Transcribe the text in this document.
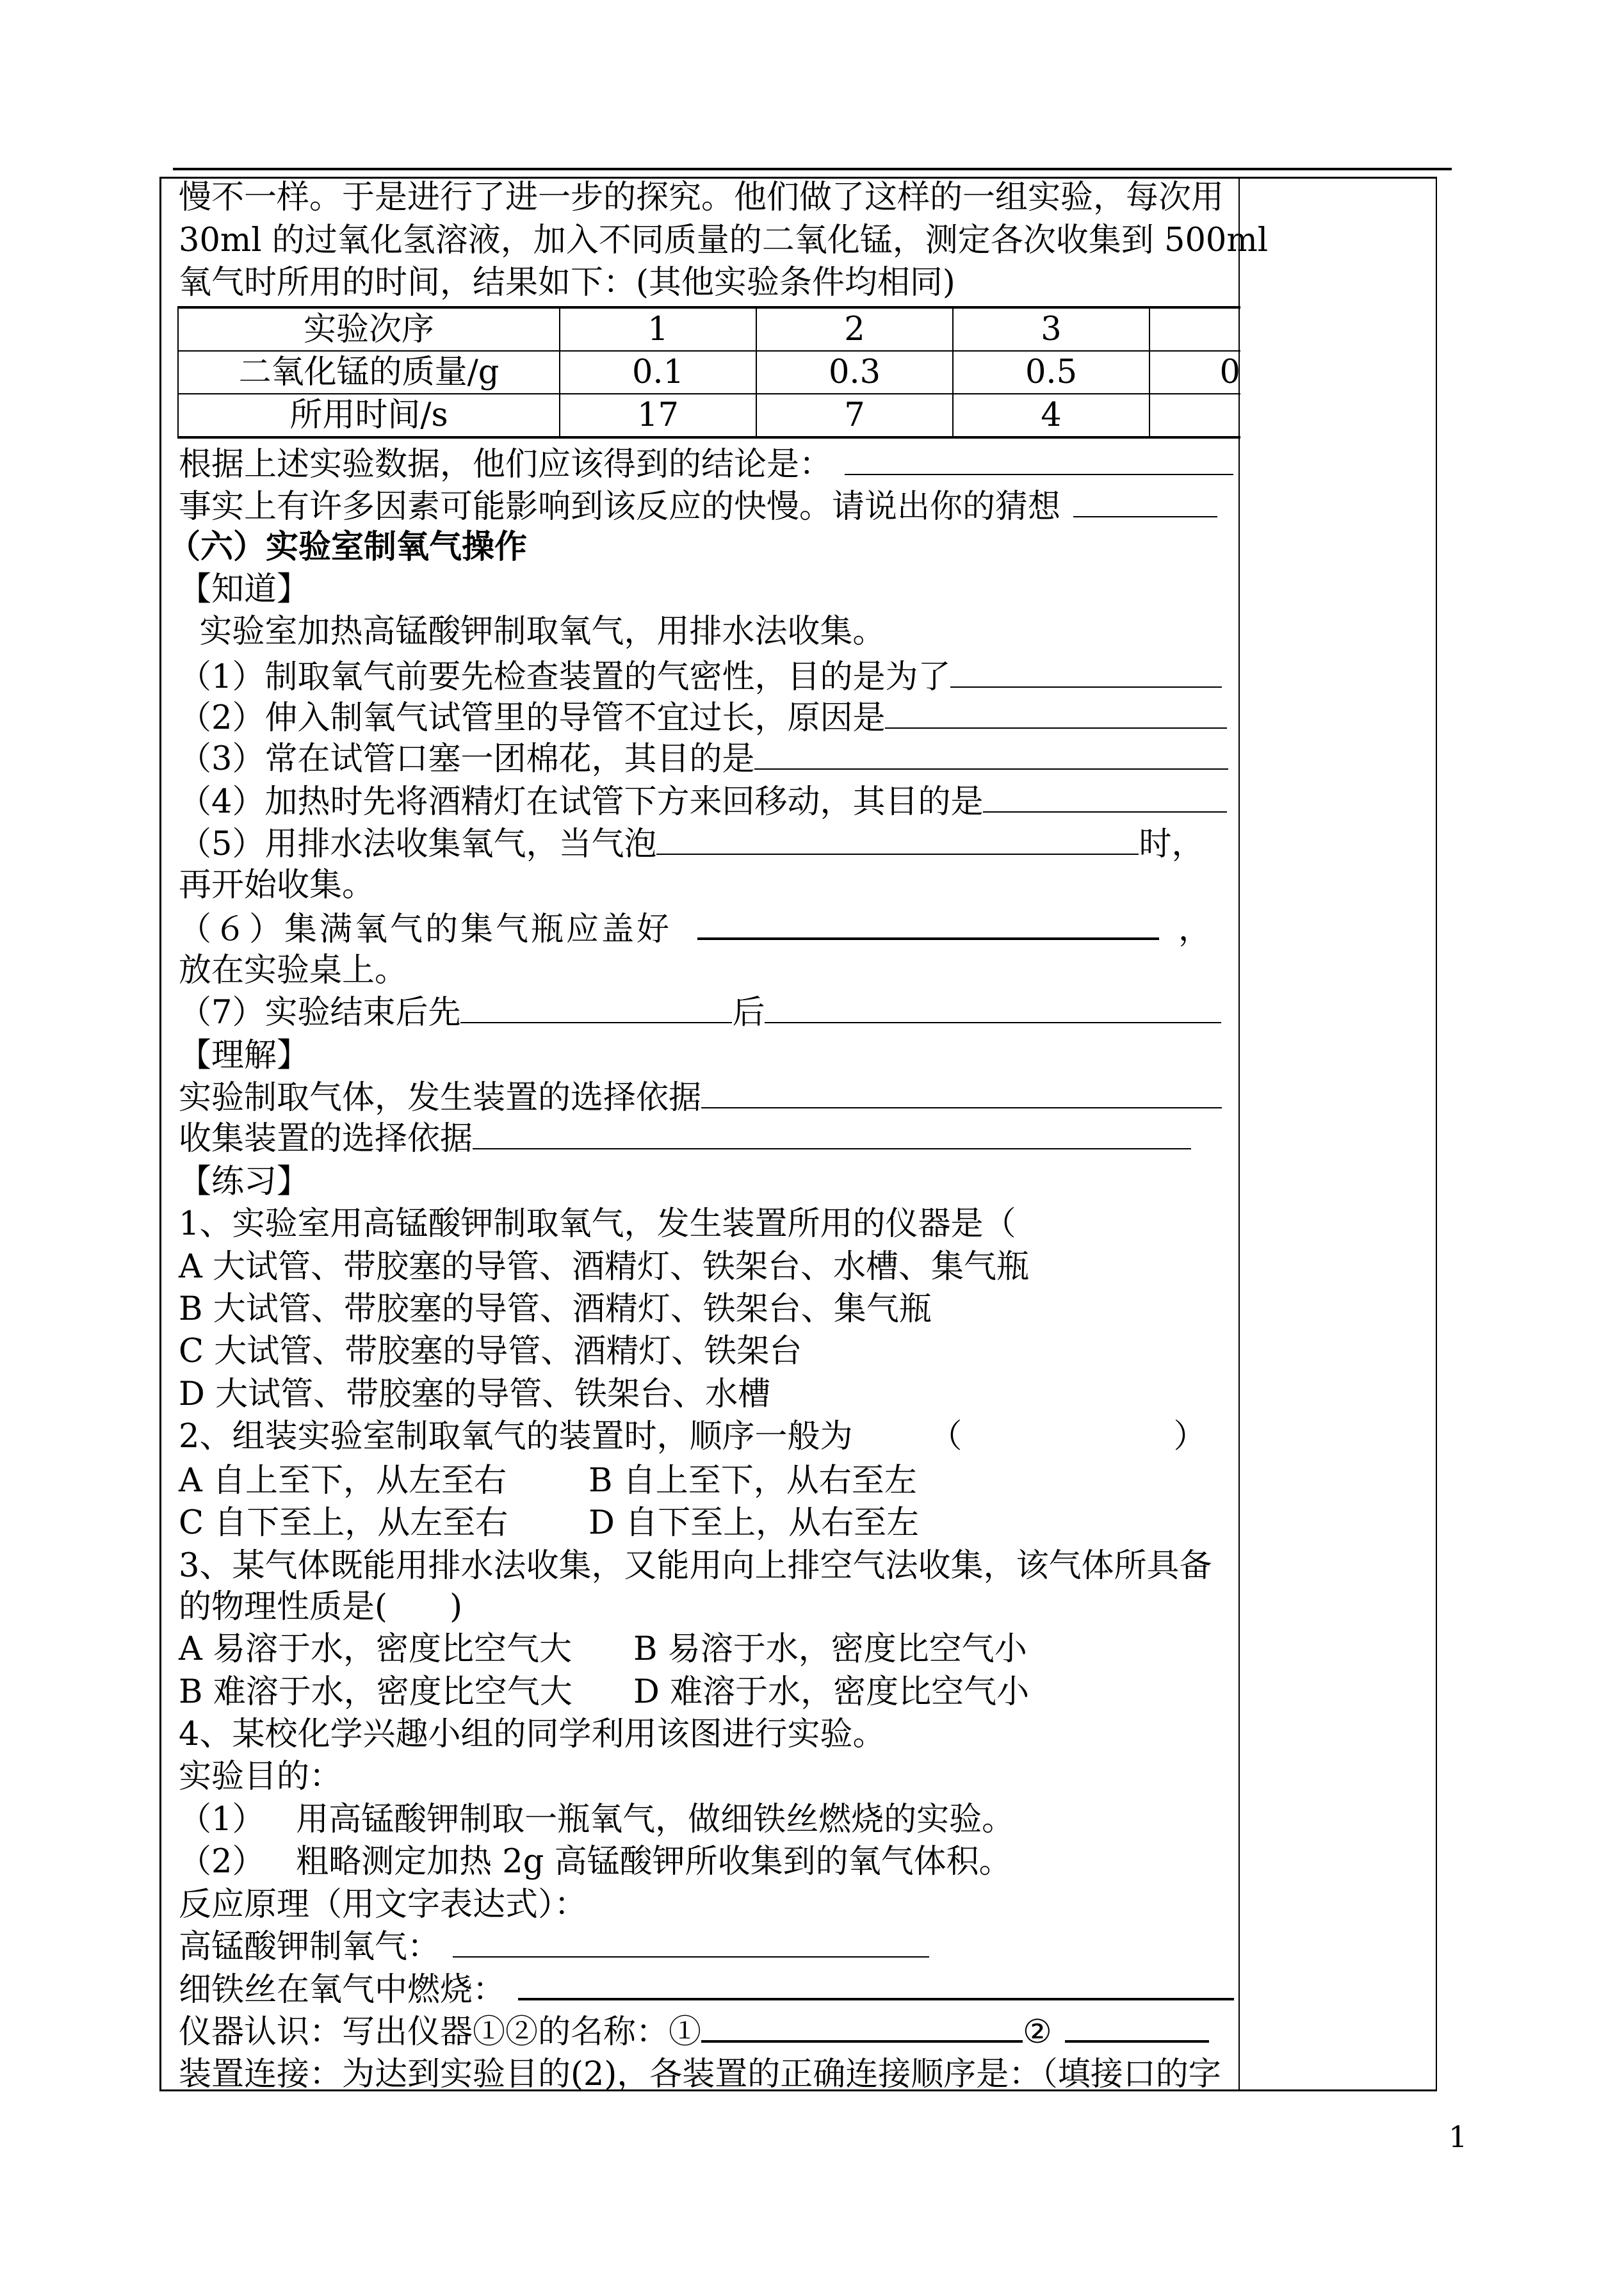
慢不一样。于是进行了进一步的探究。他们做了这样的一组实验，每次用
30ml 的过氧化氢溶液，加入不同质量的二氧化锰，测定各次收集到 500ml
氧气时所用的时间，结果如下：(其他实验条件均相同)
实验次序	1	2	3	
二氧化锰的质量/g	0.1	0.3	0.5	0
所用时间/s	17	7	4	
根据上述实验数据，他们应该得到的结论是：
事实上有许多因素可能影响到该反应的快慢。请说出你的猜想
（六）实验室制氧气操作
【知道】
实验室加热高锰酸钾制取氧气，用排水法收集。
（1）制取氧气前要先检查装置的气密性，目的是为了
（2）伸入制氧气试管里的导管不宜过长，原因是
（3）常在试管口塞一团棉花，其目的是
（4）加热时先将酒精灯在试管下方来回移动，其目的是
（5）用排水法收集氧气，当气泡	时，
再开始收集。
（６）集满氧气的集气瓶应盖好	，
放在实验桌上。
（7）实验结束后先	后
【理解】
实验制取气体，发生装置的选择依据
收集装置的选择依据
【练习】
1、实验室用高锰酸钾制取氧气，发生装置所用的仪器是（
A 大试管、带胶塞的导管、酒精灯、铁架台、水槽、集气瓶
B 大试管、带胶塞的导管、酒精灯、铁架台、集气瓶
C 大试管、带胶塞的导管、酒精灯、铁架台
D 大试管、带胶塞的导管、铁架台、水槽
2、组装实验室制取氧气的装置时，顺序一般为 （	）
A 自上至下，从左至右	B 自上至下，从右至左
C 自下至上，从左至右 D 自下至上，从右至左
3、某气体既能用排水法收集，又能用向上排空气法收集，该气体所具备
的物理性质是(      )
A 易溶于水，密度比空气大 B 易溶于水，密度比空气小
B 难溶于水，密度比空气大 D 难溶于水，密度比空气小
4、某校化学兴趣小组的同学利用该图进行实验。
实验目的：
（1）   用高锰酸钾制取一瓶氧气，做细铁丝燃烧的实验。
（2）   粗略测定加热 2g 高锰酸钾所收集到的氧气体积。
反应原理（用文字表达式）：
高锰酸钾制氧气：
细铁丝在氧气中燃烧：
仪器认识：写出仪器①②的名称：①	②
装置连接：为达到实验目的(2)，各装置的正确连接顺序是：（填接口的字
1
